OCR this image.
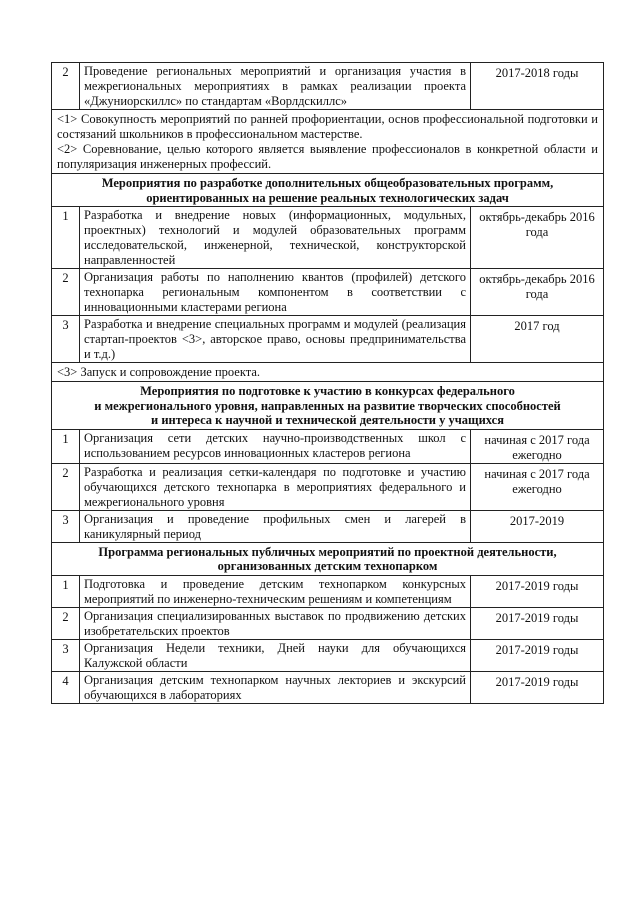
2	Проведение региональных мероприятий и организация участия в межрегиональных мероприятиях в рамках реализации проекта «Джуниорскиллс» по стандартам «Ворлдскиллс»	2017-2018 годы

<1> Совокупность мероприятий по ранней профориентации, основ профессиональной подготовки и состязаний школьников в профессиональном мастерстве.

<2> Соревнование, целью которого является выявление профессионалов в конкретной области и популяризация инженерных профессий.		

Мероприятия по разработке дополнительных общеобразовательных программ,
ориентированных на решение реальных технологических задач		

1	Разработка и внедрение новых (информационных, модульных, проектных) технологий и модулей образовательных программ исследовательской, инженерной, технической, конструкторской направленностей	октябрь-декабрь 2016 года
2	Организация работы по наполнению квантов (профилей) детского технопарка региональным компонентом в соответствии с инновационными кластерами региона	октябрь-декабрь 2016 года
3	Разработка и внедрение специальных программ и модулей (реализация стартап-проектов <3>, авторское право, основы предпринимательства и т.д.)	2017 год

<3> Запуск и сопровождение проекта.		

Мероприятия по подготовке к участию в конкурсах федерального
и межрегионального уровня, направленных на развитие творческих способностей
и интереса к научной и технической деятельности у учащихся		

1	Организация сети детских научно-производственных школ с использованием ресурсов инновационных кластеров региона	начиная с 2017 года ежегодно
2	Разработка и реализация сетки-календаря по подготовке и участию обучающихся детского технопарка в мероприятиях федерального и межрегионального уровня	начиная с 2017 года ежегодно
3	Организация и проведение профильных смен и лагерей в каникулярный период	2017-2019

Программа региональных публичных мероприятий по проектной деятельности,
организованных детским технопарком		

1	Подготовка и проведение детским технопарком конкурсных мероприятий по инженерно-техническим решениям и компетенциям	2017-2019 годы
2	Организация специализированных выставок по продвижению детских изобретательских проектов	2017-2019 годы
3	Организация Недели техники, Дней науки для обучающихся Калужской области	2017-2019 годы
4	Организация детским технопарком научных лекториев и экскурсий обучающихся в лабораториях	2017-2019 годы
